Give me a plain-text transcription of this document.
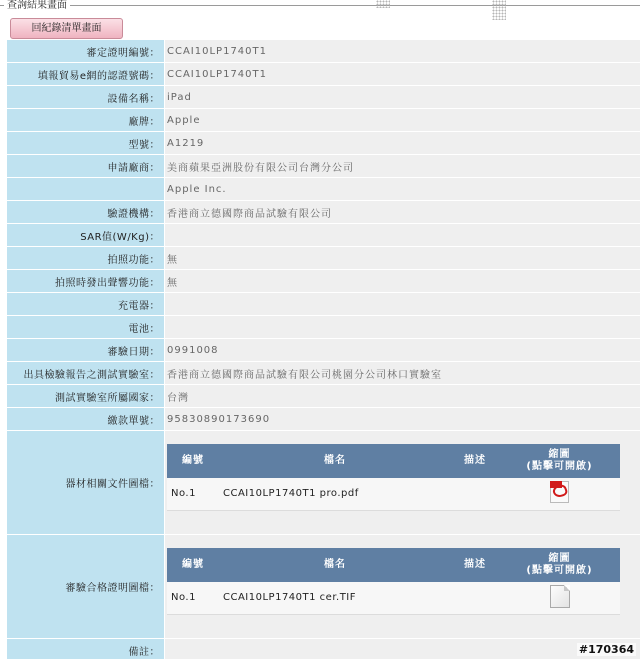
查詢結果畫面
回紀錄清單畫面
審定證明編號： CCAI10LP1740T1
填報貿易e網的認證號碼： CCAI10LP1740T1
設備名稱： iPad
廠牌： Apple
型號： A1219
申請廠商： 美商蘋果亞洲股份有限公司台灣分公司
Apple Inc.
驗證機構： 香港商立德國際商品試驗有限公司
SAR值(W/Kg)：
拍照功能： 無
拍照時發出聲響功能： 無
充電器：
電池：
審驗日期： 0991008
出具檢驗報告之測試實驗室： 香港商立德國際商品試驗有限公司桃園分公司林口實驗室
測試實驗室所屬國家： 台灣
繳款單號： 95830890173690
器材相關文件圖檔：
編號	檔名	描述	縮圖
(點擊可開啟)
No.1	CCAI10LP1740T1 pro.pdf		
審驗合格證明圖檔：
編號	檔名	描述	縮圖
(點擊可開啟)
No.1	CCAI10LP1740T1 cer.TIF		
備註：	#170364
